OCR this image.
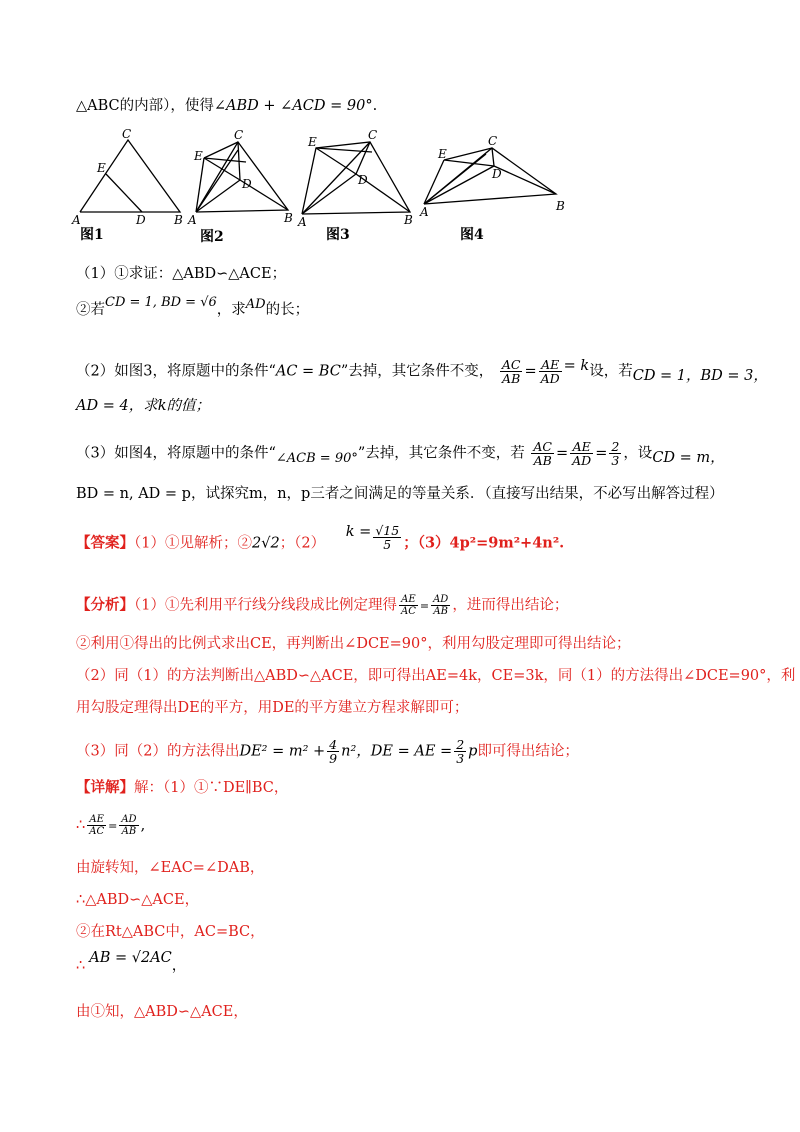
△ABC的内部），使得∠ABD + ∠ACD = 90°.
C
E
A	D B
C
E
D
A	B
C
E
D
A	B
C
E
D
A	B
图1	图2	图3	图4
（1）①求证：△ABD∽△ACE；
②若CD = 1, BD = √6，求AD的长；
（2）如图3，将原题中的条件“AC = BC”去掉，其它条件不变， $\frac{AC}{AB} = \frac{AE}{AD} = k$设，若CD = 1，BD = 3，
AD = 4，求k的值；
（3）如图4，将原题中的条件“∠ACB = 90°”去掉，其它条件不变，若 $\frac{AC}{AB} = \frac{AE}{AD} = \frac{2}{3}$ ，设CD = m，
BD = n, AD = p，试探究m，n，p三者之间满足的等量关系．（直接写出结果，不必写出解答过程）
【答案】（1）①见解析；②2√2；（2） $k = \frac{√15}{5}$ ；（3）4p²=9m²+4n².
【分析】（1）①先利用平行线分线段成比例定理得 $\frac{AE}{AC} = \frac{AD}{AB}$ ，进而得出结论；
②利用①得出的比例式求出CE，再判断出∠DCE=90°，利用勾股定理即可得出结论；
（2）同（1）的方法判断出△ABD∽△ACE，即可得出AE=4k，CE=3k，同（1）的方法得出∠DCE=90°，利
用勾股定理得出DE的平方，用DE的平方建立方程求解即可；
（3）同（2）的方法得出$DE^2 = m^2 + \frac{4}{9} n^2$，DE = AE = $\frac{2}{3}$ p即可得出结论；
【详解】解：（1）①∵DE∥BC，
∴ $\frac{AE}{AC} = \frac{AD}{AB}$ ,
由旋转知，∠EAC=∠DAB，
∴△ABD∽△ACE，
②在Rt△ABC中，AC=BC，
∴ AB = √2AC，
由①知，△ABD∽△ACE，
